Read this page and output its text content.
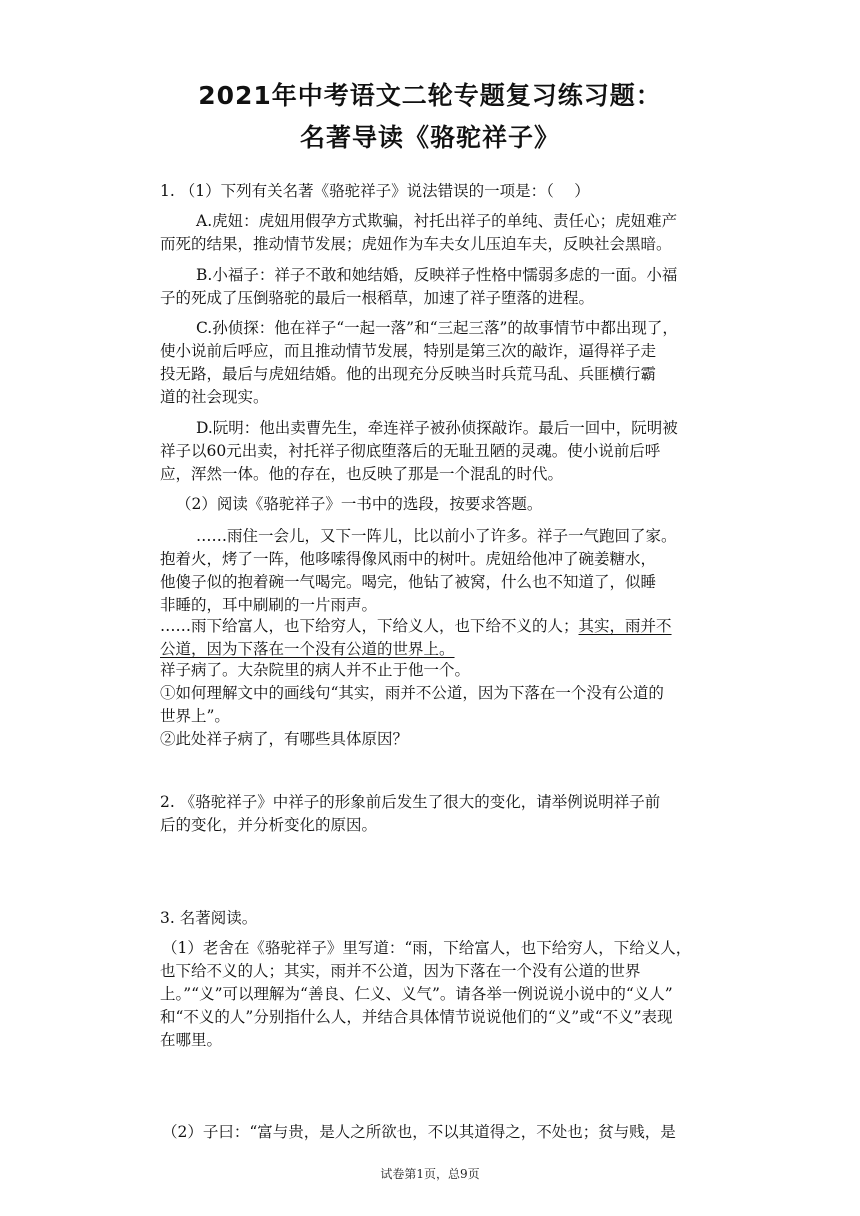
2021年中考语文二轮专题复习练习题：
名著导读《骆驼祥子》
1. （1）下列有关名著《骆驼祥子》说法错误的一项是：（　 ）
A.虎妞：虎妞用假孕方式欺骗，衬托出祥子的单纯、责任心；虎妞难产
而死的结果，推动情节发展；虎妞作为车夫女儿压迫车夫，反映社会黑暗。
B.小福子：祥子不敢和她结婚，反映祥子性格中懦弱多虑的一面。小福
子的死成了压倒骆驼的最后一根稻草，加速了祥子堕落的进程。
C.孙侦探：他在祥子“一起一落”和“三起三落”的故事情节中都出现了，
使小说前后呼应，而且推动情节发展，特别是第三次的敲诈，逼得祥子走
投无路，最后与虎妞结婚。他的出现充分反映当时兵荒马乱、兵匪横行霸
道的社会现实。
D.阮明：他出卖曹先生，牵连祥子被孙侦探敲诈。最后一回中，阮明被
祥子以60元出卖，衬托祥子彻底堕落后的无耻丑陋的灵魂。使小说前后呼
应，浑然一体。他的存在，也反映了那是一个混乱的时代。
（2）阅读《骆驼祥子》一书中的选段，按要求答题。
……雨住一会儿，又下一阵儿，比以前小了许多。祥子一气跑回了家。
抱着火，烤了一阵，他哆嗦得像风雨中的树叶。虎妞给他冲了碗姜糖水，
他傻子似的抱着碗一气喝完。喝完，他钻了被窝，什么也不知道了，似睡
非睡的，耳中刷刷的一片雨声。
……雨下给富人，也下给穷人，下给义人，也下给不义的人；其实，雨并不
公道，因为下落在一个没有公道的世界上。
祥子病了。大杂院里的病人并不止于他一个。
①如何理解文中的画线句“其实，雨并不公道，因为下落在一个没有公道的
世界上”。
②此处祥子病了，有哪些具体原因？
2. 《骆驼祥子》中祥子的形象前后发生了很大的变化，请举例说明祥子前
后的变化，并分析变化的原因。
3. 名著阅读。
（1）老舍在《骆驼祥子》里写道：“雨，下给富人，也下给穷人，下给义人，
也下给不义的人；其实，雨并不公道，因为下落在一个没有公道的世界
上。”“义”可以理解为“善良、仁义、义气”。请各举一例说说小说中的“义人”
和“不义的人”分别指什么人，并结合具体情节说说他们的“义”或“不义”表现
在哪里。
（2）子曰：“富与贵，是人之所欲也，不以其道得之，不处也；贫与贱，是
试卷第1页，总9页
